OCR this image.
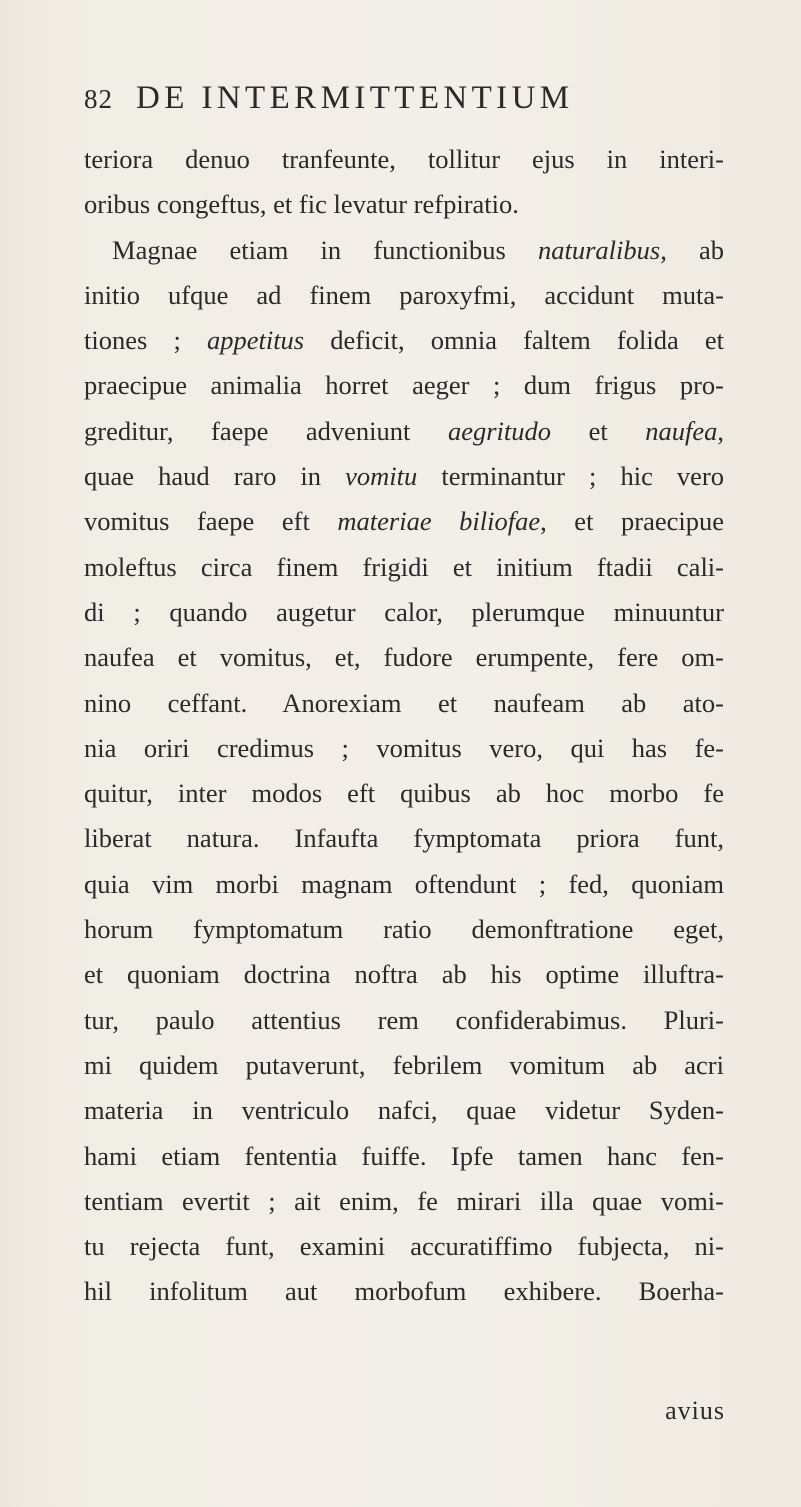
82 DE INTERMITTENTIUM
teriora denuo tranfeunte, tollitur ejus in interi-
oribus congeftus, et fic levatur refpiratio.
Magnae etiam in functionibus naturalibus, ab
initio ufque ad finem paroxyfmi, accidunt muta-
tiones ; appetitus deficit, omnia faltem folida et
praecipue animalia horret aeger ; dum frigus pro-
greditur, faepe adveniunt aegritudo et naufea,
quae haud raro in vomitu terminantur ; hic vero
vomitus faepe eft materiae biliofae, et praecipue
moleftus circa finem frigidi et initium ftadii cali-
di ; quando augetur calor, plerumque minuuntur
naufea et vomitus, et, fudore erumpente, fere om-
nino ceffant. Anorexiam et naufeam ab ato-
nia oriri credimus ; vomitus vero, qui has fe-
quitur, inter modos eft quibus ab hoc morbo fe
liberat natura. Infaufta fymptomata priora funt,
quia vim morbi magnam oftendunt ; fed, quoniam
horum fymptomatum ratio demonftratione eget,
et quoniam doctrina noftra ab his optime illuftra-
tur, paulo attentius rem confiderabimus. Pluri-
mi quidem putaverunt, febrilem vomitum ab acri
materia in ventriculo nafci, quae videtur Syden-
hami etiam fententia fuiffe. Ipfe tamen hanc fen-
tentiam evertit ; ait enim, fe mirari illa quae vomi-
tu rejecta funt, examini accuratiffimo fubjecta, ni-
hil infolitum aut morbofum exhibere. Boerha-
avius
